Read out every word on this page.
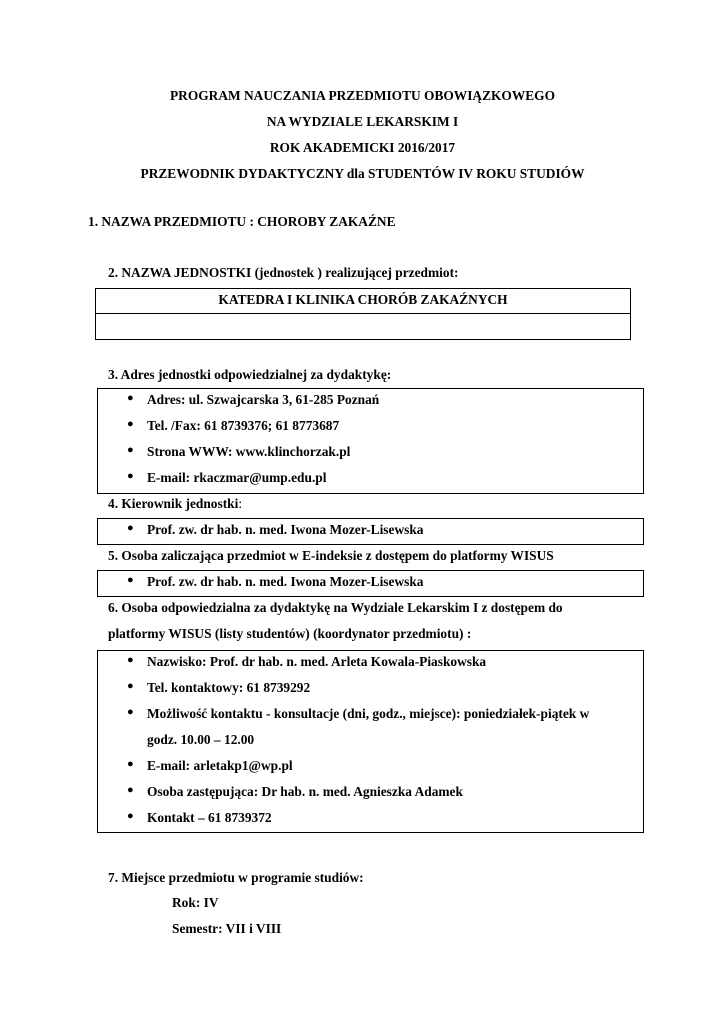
PROGRAM NAUCZANIA PRZEDMIOTU OBOWIĄZKOWEGO
NA WYDZIALE LEKARSKIM I
ROK AKADEMICKI 2016/2017
PRZEWODNIK DYDAKTYCZNY dla STUDENTÓW IV ROKU STUDIÓW
1. NAZWA PRZEDMIOTU : CHOROBY ZAKAŹNE
2. NAZWA JEDNOSTKI (jednostek ) realizującej przedmiot:
KATEDRA I KLINIKA CHORÓB ZAKAŹNYCH
3. Adres jednostki odpowiedzialnej za dydaktykę:
● Adres: ul. Szwajcarska 3, 61-285 Poznań
● Tel. /Fax: 61 8739376; 61 8773687
● Strona WWW: www.klinchorzak.pl
● E-mail: rkaczmar@ump.edu.pl
4. Kierownik jednostki:
● Prof. zw. dr hab. n. med. Iwona Mozer-Lisewska
5. Osoba zaliczająca przedmiot w E-indeksie z dostępem do platformy WISUS
● Prof. zw. dr hab. n. med. Iwona Mozer-Lisewska
6. Osoba odpowiedzialna za dydaktykę na Wydziale Lekarskim I z dostępem do
platformy WISUS (listy studentów) (koordynator przedmiotu) :
● Nazwisko: Prof. dr hab. n. med. Arleta Kowala-Piaskowska
● Tel. kontaktowy: 61 8739292
● Możliwość kontaktu - konsultacje (dni, godz., miejsce): poniedziałek-piątek w
godz. 10.00 – 12.00
● E-mail: arletakp1@wp.pl
● Osoba zastępująca: Dr hab. n. med. Agnieszka Adamek
● Kontakt – 61 8739372
7. Miejsce przedmiotu w programie studiów:
Rok: IV
Semestr: VII i VIII
